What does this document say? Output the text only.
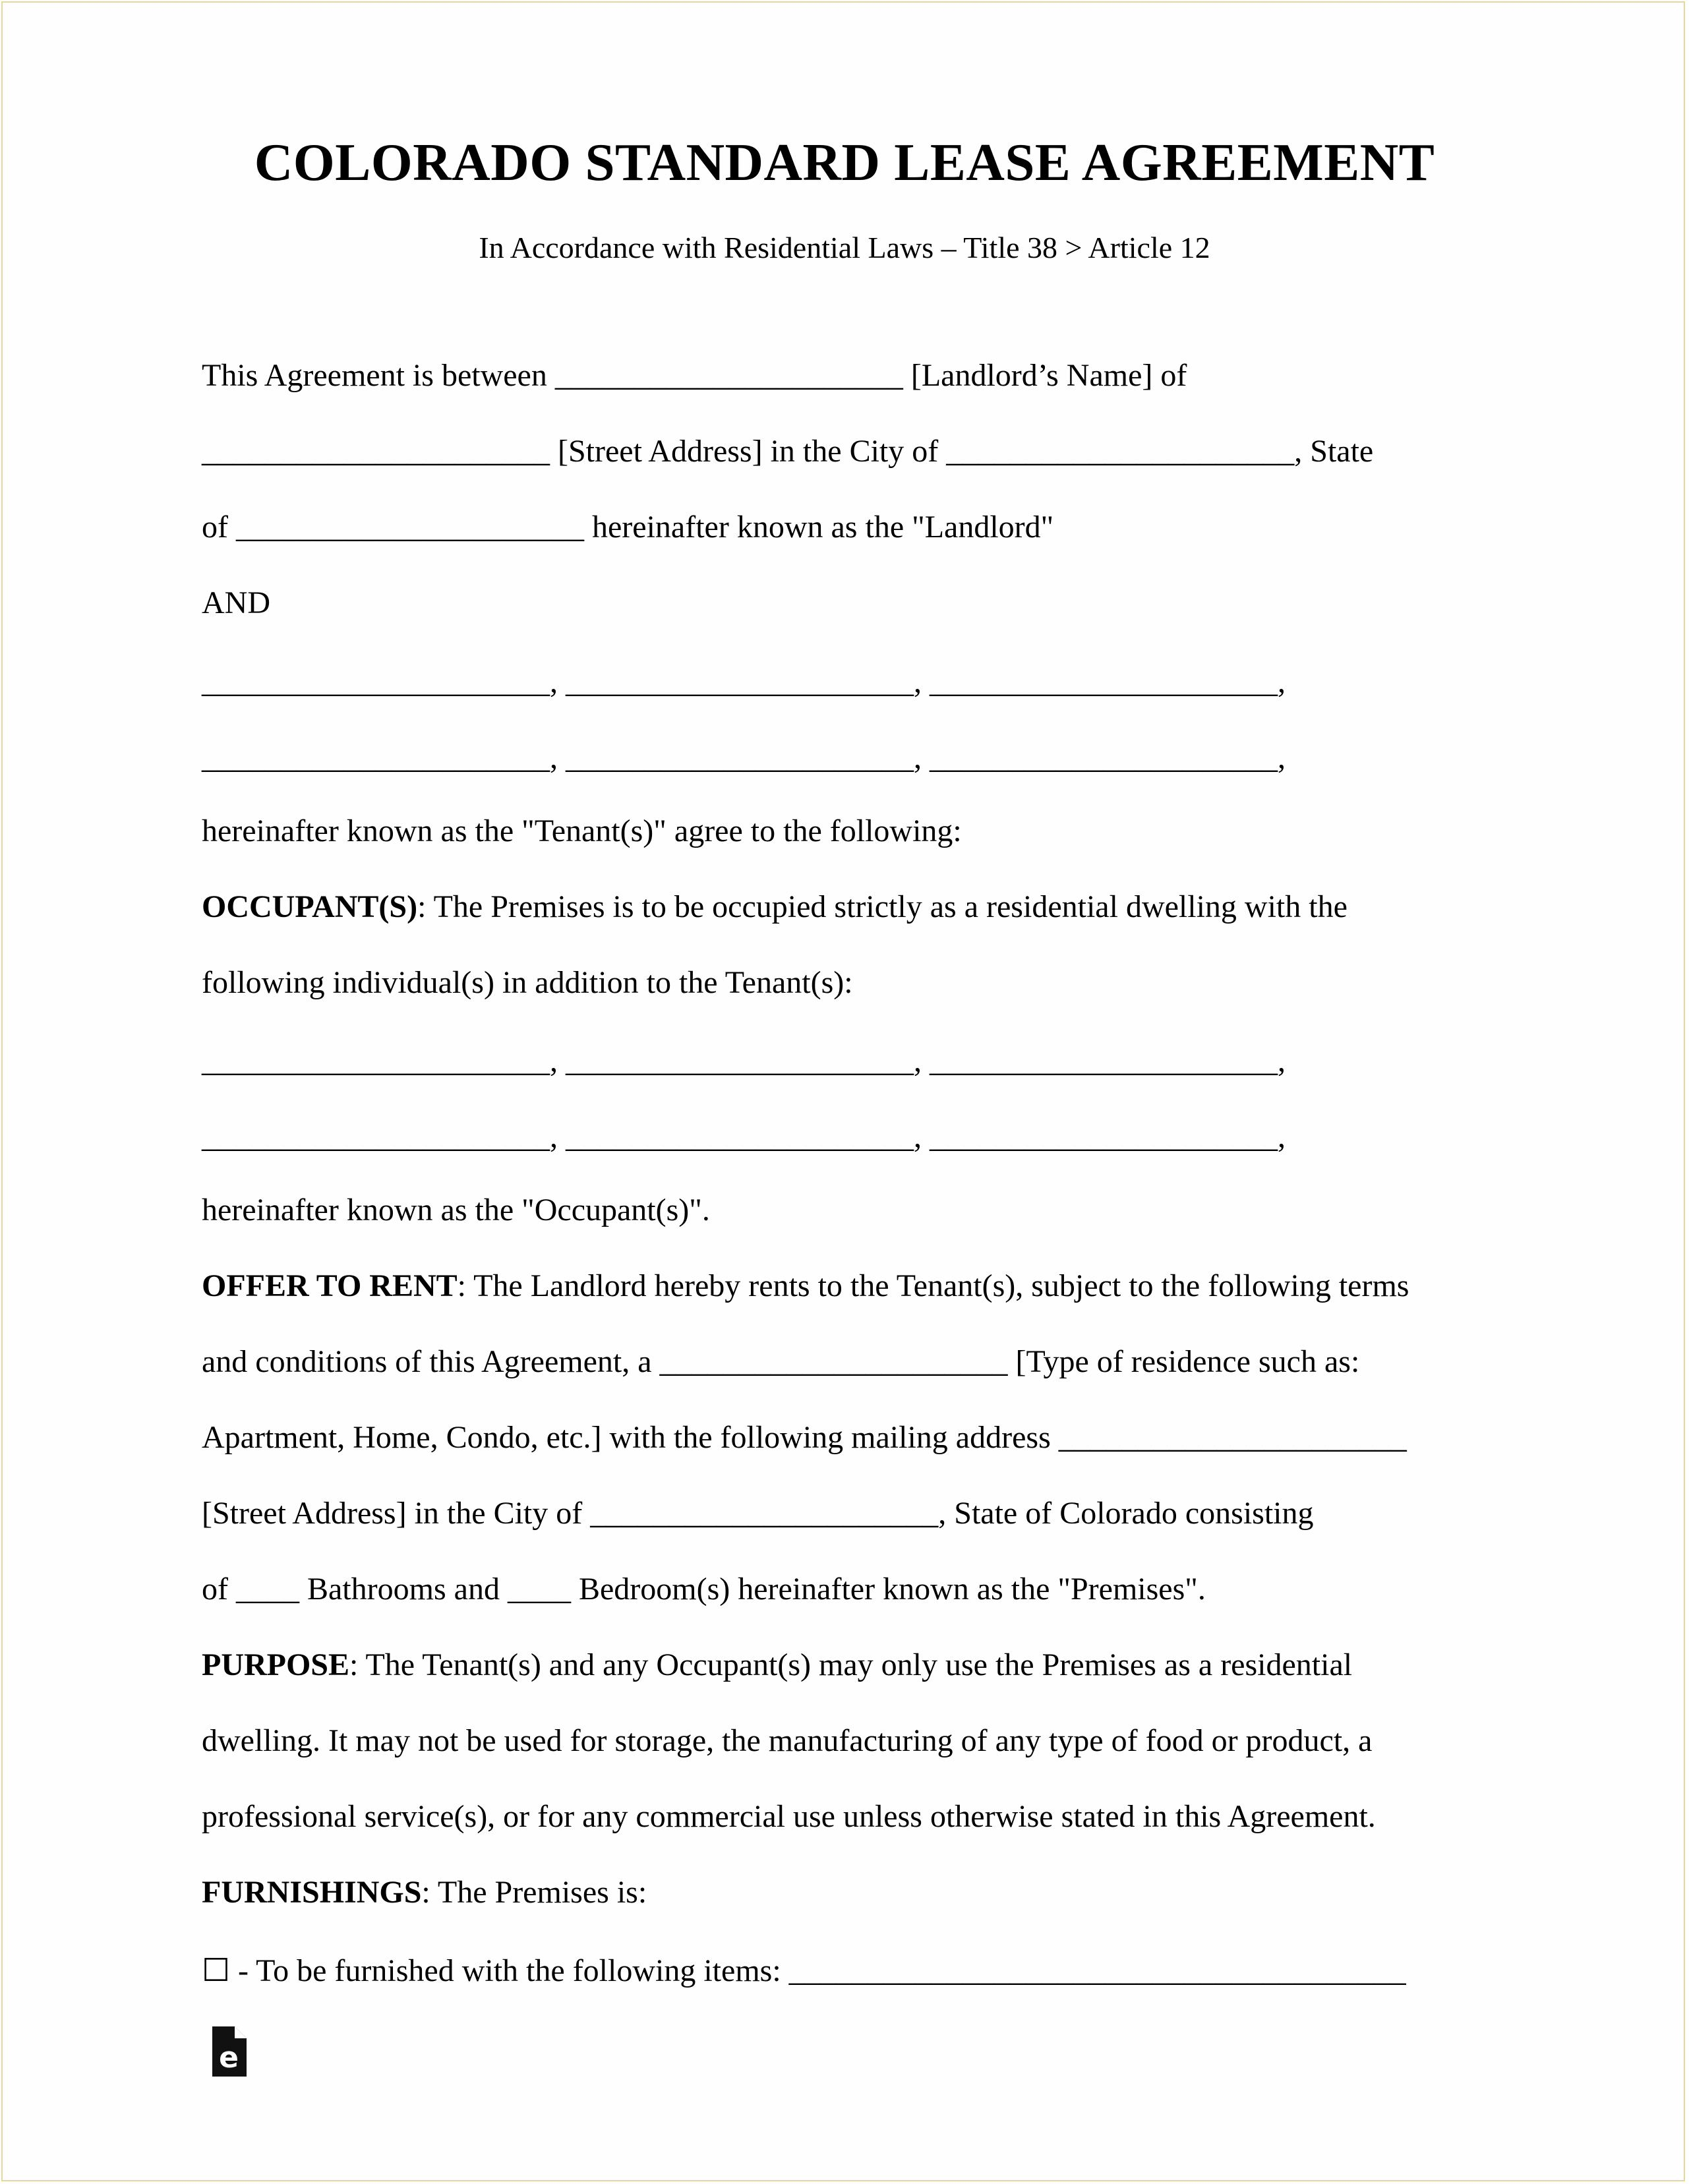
COLORADO STANDARD LEASE AGREEMENT
In Accordance with Residential Laws – Title 38 > Article 12
This Agreement is between ______________________ [Landlord’s Name] of
______________________ [Street Address] in the City of ______________________, State
of ______________________ hereinafter known as the "Landlord"
AND
______________________, ______________________, ______________________,
______________________, ______________________, ______________________,
hereinafter known as the "Tenant(s)" agree to the following:
OCCUPANT(S): The Premises is to be occupied strictly as a residential dwelling with the
following individual(s) in addition to the Tenant(s):
______________________, ______________________, ______________________,
______________________, ______________________, ______________________,
hereinafter known as the "Occupant(s)".
OFFER TO RENT: The Landlord hereby rents to the Tenant(s), subject to the following terms
and conditions of this Agreement, a ______________________ [Type of residence such as:
Apartment, Home, Condo, etc.] with the following mailing address ______________________
[Street Address] in the City of ______________________, State of Colorado consisting
of ____ Bathrooms and ____ Bedroom(s) hereinafter known as the "Premises".
PURPOSE: The Tenant(s) and any Occupant(s) may only use the Premises as a residential
dwelling. It may not be used for storage, the manufacturing of any type of food or product, a
professional service(s), or for any commercial use unless otherwise stated in this Agreement.
FURNISHINGS: The Premises is:
☐ - To be furnished with the following items: _______________________________________
e
